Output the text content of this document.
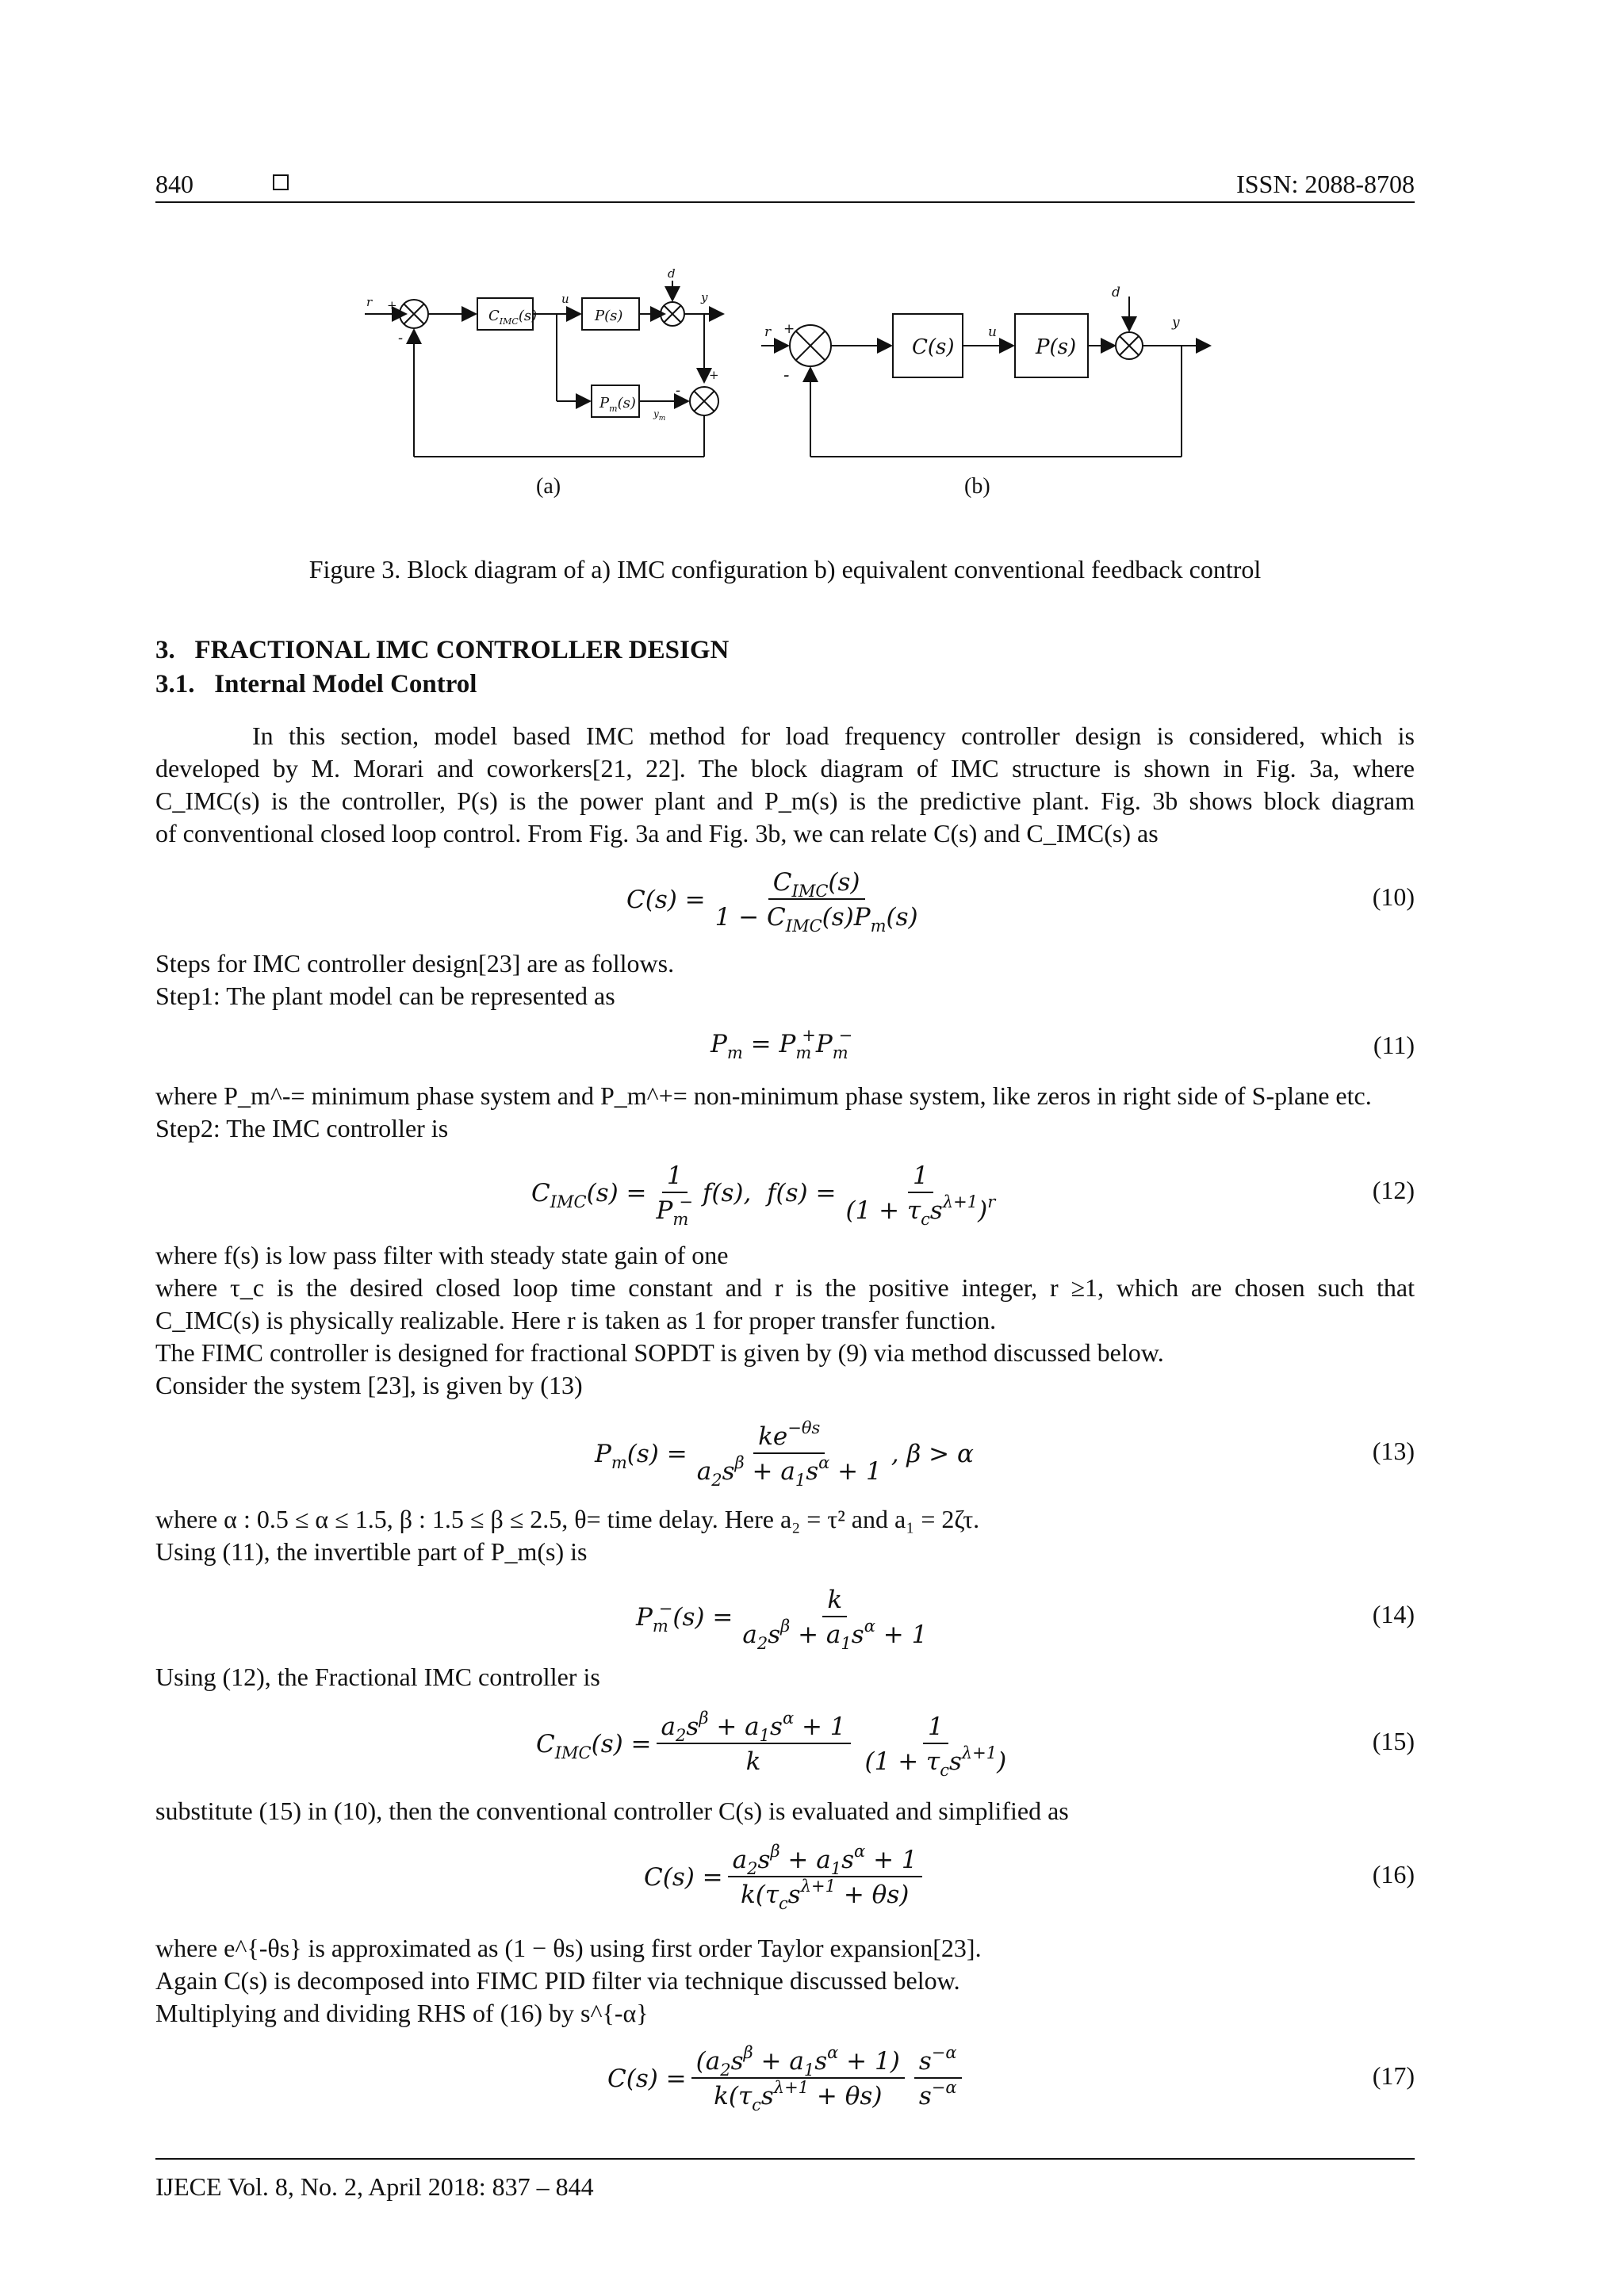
840	ISSN: 2088-8708
r +
-
$C_{IMC}(s)$
u
P(s)
d
y
+
-
$P_m(s)$
$y_m$
r +
-
C(s)
u
P(s)
d
y
(a)	(b)
Figure 3. Block diagram of a) IMC configuration b) equivalent conventional feedback control
3.   FRACTIONAL IMC CONTROLLER DESIGN
3.1.   Internal Model Control
In this section, model based IMC method for load frequency controller design is considered, which is
developed by M. Morari and coworkers[21, 22]. The block diagram of IMC structure is shown in Fig. 3a, where
C_IMC(s) is the controller, P(s) is the power plant and P_m(s) is the predictive plant. Fig. 3b shows block diagram
of conventional closed loop control. From Fig. 3a and Fig. 3b, we can relate C(s) and C_IMC(s) as
$C(s) = \frac{C_{IMC}(s)}{1 - C_{IMC}(s)P_m(s)}$	(10)
Steps for IMC controller design[23] are as follows.
Step1: The plant model can be represented as
$P_m = P_m^+P_m^-$	(11)
where P_m^-= minimum phase system and P_m^+= non-minimum phase system, like zeros in right side of S-plane etc.
Step2: The IMC controller is
$C_{IMC}(s) = \frac{1}{P_m^-} f(s)$,  $f(s) = \frac{1}{(1 + \tau_cs^{\lambda+1})^r}$	(12)
where f(s) is low pass filter with steady state gain of one
where τ_c is the desired closed loop time constant and r is the positive integer, r ≥1, which are chosen such that
C_IMC(s) is physically realizable. Here r is taken as 1 for proper transfer function.
The FIMC controller is designed for fractional SOPDT is given by (9) via method discussed below.
Consider the system [23], is given by (13)
$P_m(s) = \frac{ke^{-\theta s}}{a_2s^\beta + a_1s^\alpha + 1}$ , β > α	(13)
where α : 0.5 ≤ α ≤ 1.5, β : 1.5 ≤ β ≤ 2.5, θ= time delay. Here a₂ = τ² and a₁ = 2ζτ.
Using (11), the invertible part of P_m(s) is
$P_m^-(s) = \frac{k}{a_2s^\beta + a_1s^\alpha + 1}$	(14)
Using (12), the Fractional IMC controller is
$C_{IMC}(s) = \frac{a_2s^\beta + a_1s^\alpha + 1}{k} \frac{1}{(1 + \tau_cs^{\lambda+1})}$	(15)
substitute (15) in (10), then the conventional controller C(s) is evaluated and simplified as
$C(s) = \frac{a_2s^\beta + a_1s^\alpha + 1}{k(\tau_cs^{\lambda+1} + \theta s)}$	(16)
where e^{-θs} is approximated as (1 − θs) using first order Taylor expansion[23].
Again C(s) is decomposed into FIMC PID filter via technique discussed below.
Multiplying and dividing RHS of (16) by s^{-α}
$C(s) = \frac{(a_2s^\beta + a_1s^\alpha + 1)}{k(\tau_cs^{\lambda+1} + \theta s)} \frac{s^{-\alpha}}{s^{-\alpha}}$	(17)
IJECE Vol. 8, No. 2, April 2018: 837 – 844
